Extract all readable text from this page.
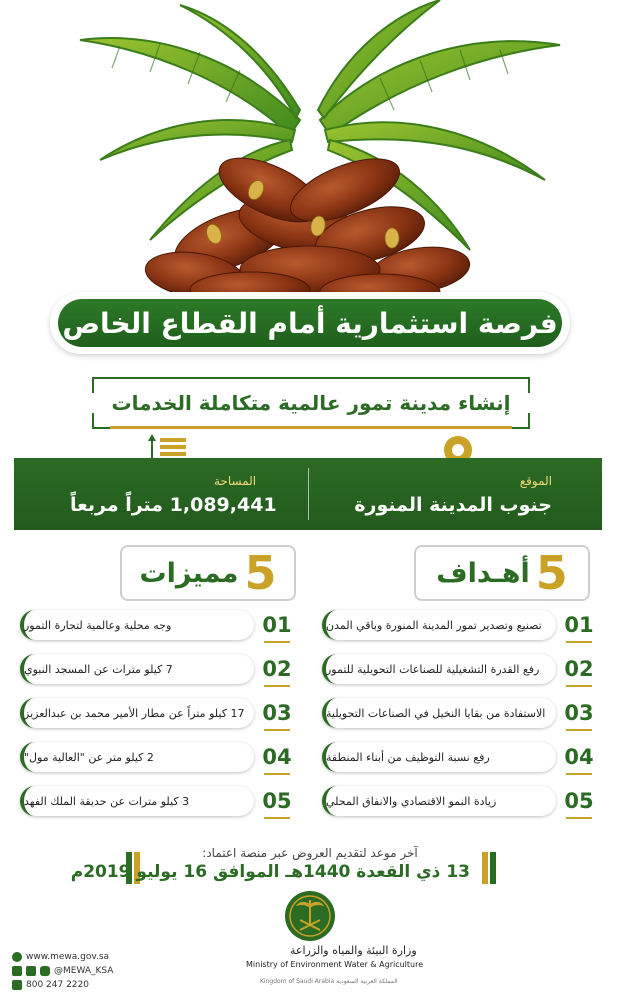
فرصة استثمارية أمام القطاع الخاص
إنشاء مدينة تمور عالمية متكاملة الخدمات
الموقع
جنوب المدينة المنورة
المساحة
1,089,441 متراً مربعاً
5
أهـداف
5
مميزات
تصنيع وتصدير تمور المدينة المنورة وباقي المدن	01
رفع القدرة التشغيلية للصناعات التحويلية للتمور	02
الاستفادة من بقايا النخيل في الصناعات التحويلية 03
رفع نسبة التوظيف من أبناء المنطقة	04
زيادة النمو الاقتصادي والانفاق المحلي	05
وجه محلية وعالمية لتجارة التمور	01
7 كيلو مترات عن المسجد النبوي	02
17 كيلو متراً عن مطار الأمير محمد بن عبدالعزيز 03
2 كيلو متر عن "العالية مول"	04
3 كيلو مترات عن حديقة الملك الفهد	05
آخر موعد لتقديم العروض عبر منصة اعتماد:
13 ذي القعدة 1440هـ الموافق 16 يوليو 2019م
وزارة البيئة والمياه والزراعة
Ministry of Environment Water & Agriculture
Kingdom of Saudi Arabia المملكة العربية السعودية
www.mewa.gov.sa
@MEWA_KSA
800 247 2220
